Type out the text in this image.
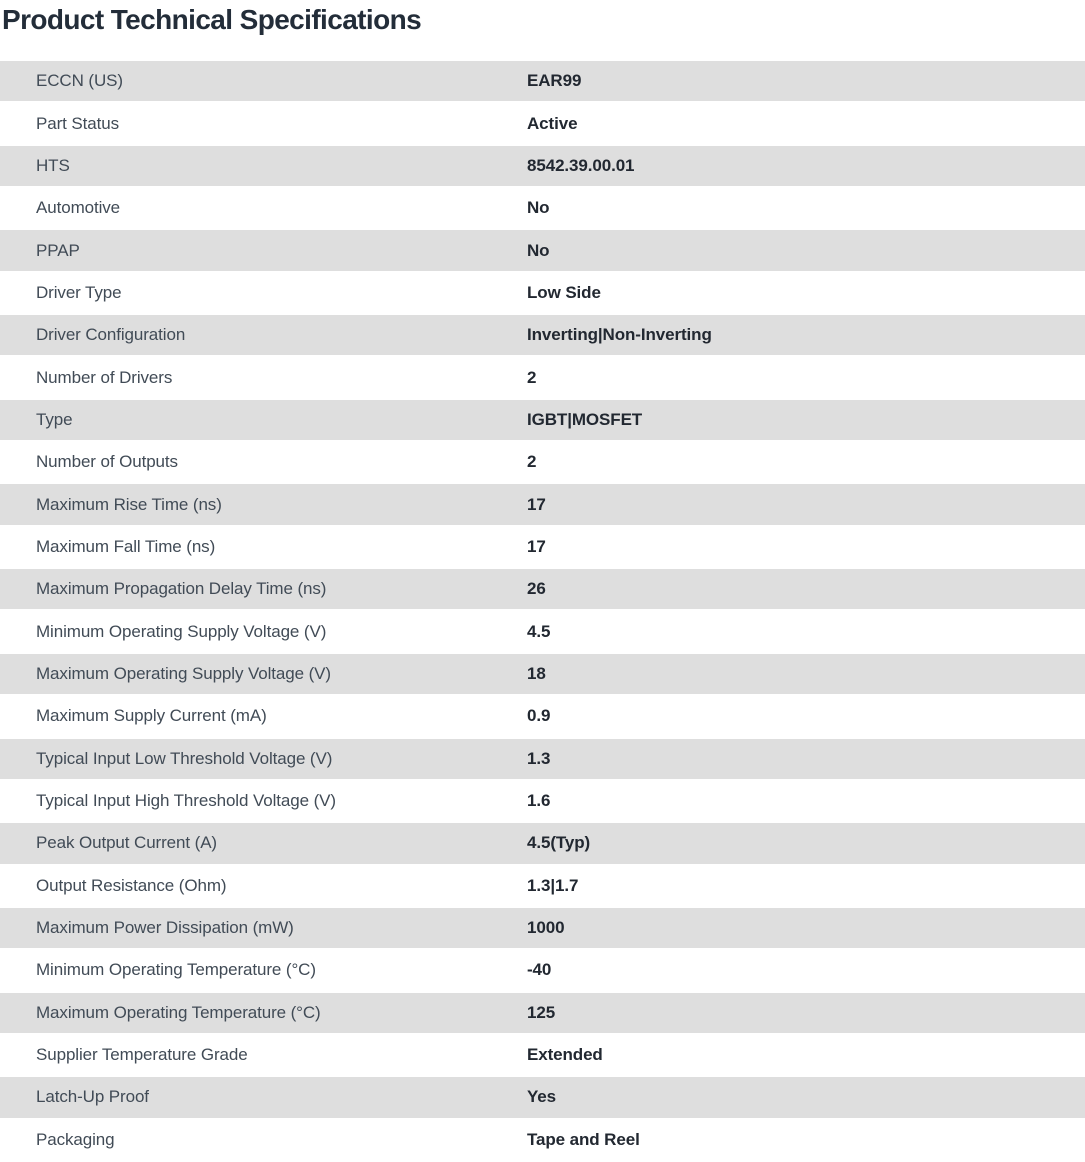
Product Technical Specifications
ECCN (US)	EAR99
Part Status	Active
HTS	8542.39.00.01
Automotive	No
PPAP	No
Driver Type	Low Side
Driver Configuration	Inverting|Non-Inverting
Number of Drivers	2
Type	IGBT|MOSFET
Number of Outputs	2
Maximum Rise Time (ns)	17
Maximum Fall Time (ns)	17
Maximum Propagation Delay Time (ns)	26
Minimum Operating Supply Voltage (V)	4.5
Maximum Operating Supply Voltage (V)	18
Maximum Supply Current (mA)	0.9
Typical Input Low Threshold Voltage (V)	1.3
Typical Input High Threshold Voltage (V)	1.6
Peak Output Current (A)	4.5(Typ)
Output Resistance (Ohm)	1.3|1.7
Maximum Power Dissipation (mW)	1000
Minimum Operating Temperature (°C)	-40
Maximum Operating Temperature (°C)	125
Supplier Temperature Grade	Extended
Latch-Up Proof	Yes
Packaging	Tape and Reel
